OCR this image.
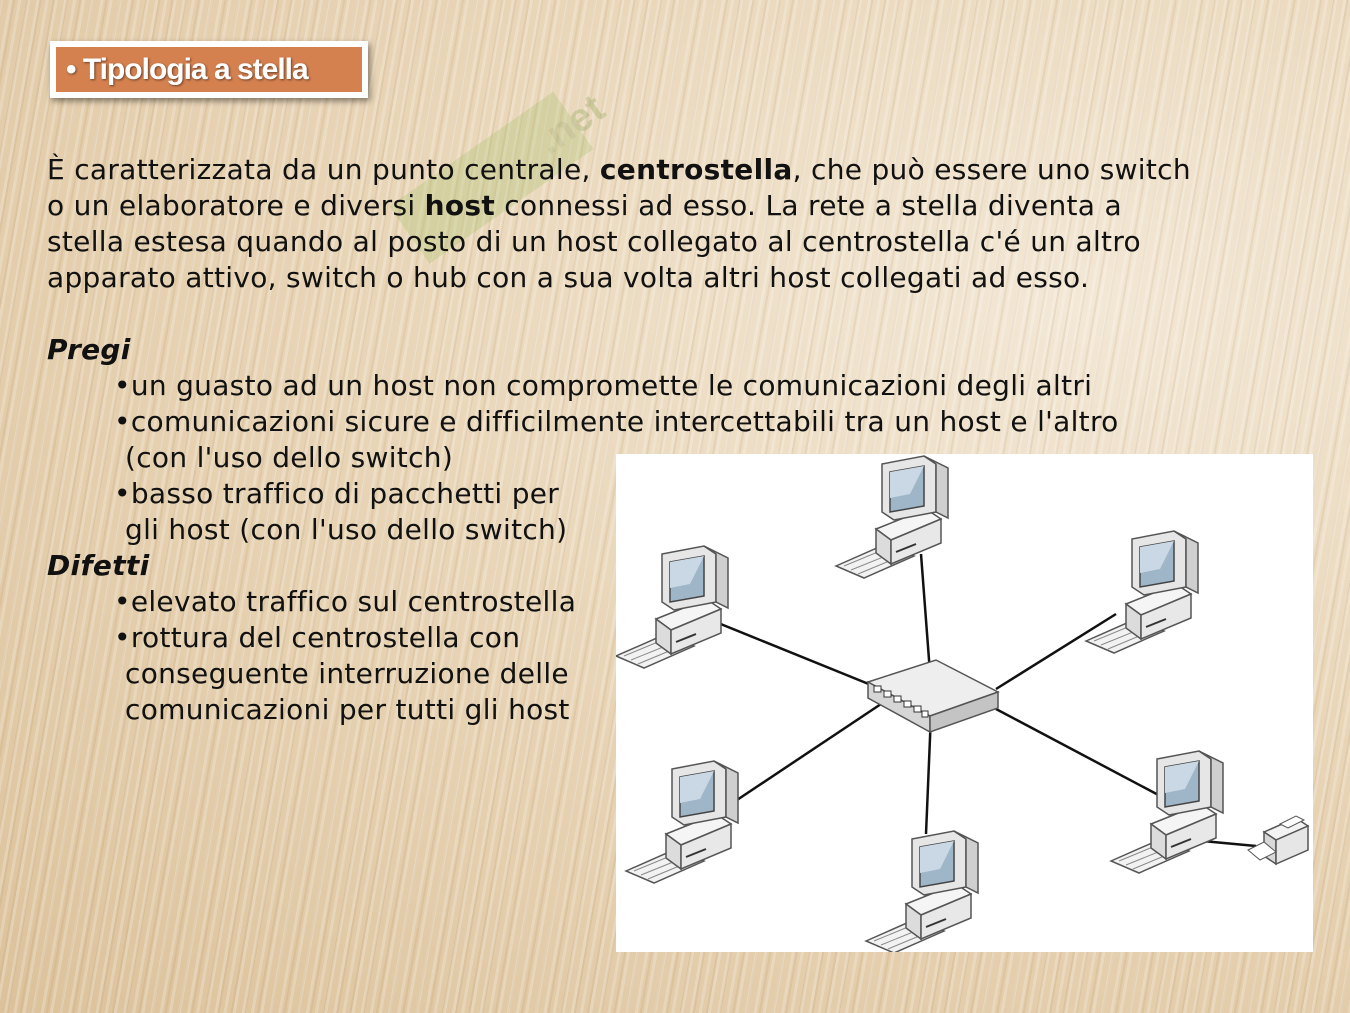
• Tipologia a stella
.net

È caratterizzata da un punto centrale, centrostella, che può essere uno switch

o un elaboratore e diversi host connessi ad esso. La rete a stella diventa a

stella estesa quando al posto di un host collegato al centrostella c'é un altro

apparato attivo, switch o hub con a sua volta altri host collegati ad esso.

Pregi

•un guasto ad un host non compromette le comunicazioni degli altri

•comunicazioni sicure e difficilmente intercettabili tra un host e l'altro

(con l'uso dello switch)

•basso traffico di pacchetti per

gli host (con l'uso dello switch)

Difetti

•elevato traffico sul centrostella

•rottura del centrostella con

conseguente interruzione delle

comunicazioni per tutti gli host
